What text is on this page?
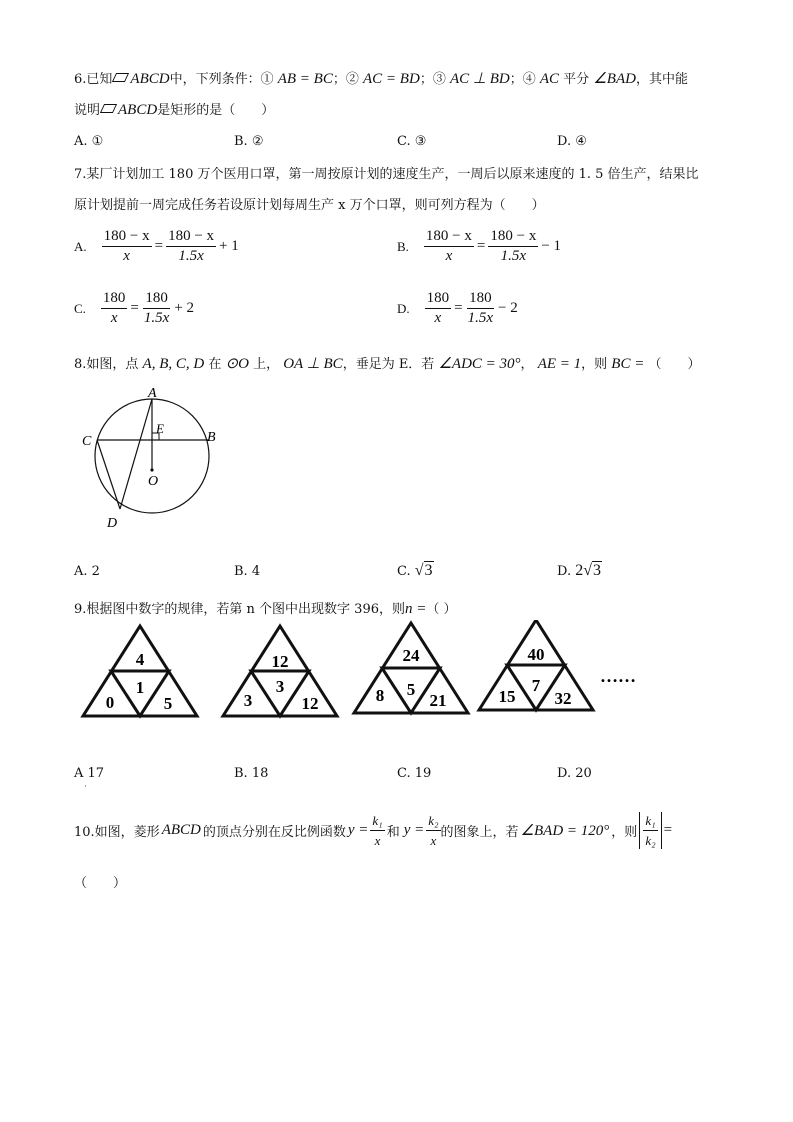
6.已知 ABCD中，下列条件：① AB = BC；② AC = BD；③ AC ⊥ BD；④ AC 平分 ∠BAD，其中能
说明 ABCD是矩形的是（　　）
A. ①	B. ②	C. ③	D. ④
7.某厂计划加工 180 万个医用口罩，第一周按原计划的速度生产，一周后以原来速度的 1. 5 倍生产，结果比
原计划提前一周完成任务若设原计划每周生产 x 万个口罩，则可列方程为（　　）
A. $\frac{180 - x}{x} = \frac{180 - x}{1.5x} + 1$	B. $\frac{180 - x}{x} = \frac{180 - x}{1.5x} - 1$
C. $\frac{180}{x} = \frac{180}{1.5x} + 2$	D. $\frac{180}{x} = \frac{180}{1.5x} - 2$
8.如图，点 A, B, C, D 在 ⊙O 上， OA ⊥ BC，垂足为 E．若 ∠ADC = 30°， AE = 1，则 BC = （　　）
A
B
C
D
E
O
A. 2	B. 4	C. √3	D. 2√3
9.根据图中数字的规律，若第 n 个图中出现数字 396，则n =（ ）
4
1
0	5
12
3
3	12
24
5
8	21
40
7
15 32
……
A 17	B. 18	C. 19	D. 20
·
10.如图，菱形 ABCD 的顶点分别在反比例函数 $y = \frac{\text{k₁}}{x}$ 和 $y = \frac{\text{k₂}}{x}$ 的图象上，若 ∠BAD = 120° ，则 $\frac{\text{k₁}}{\text{k₂}}$ =
（　　）
